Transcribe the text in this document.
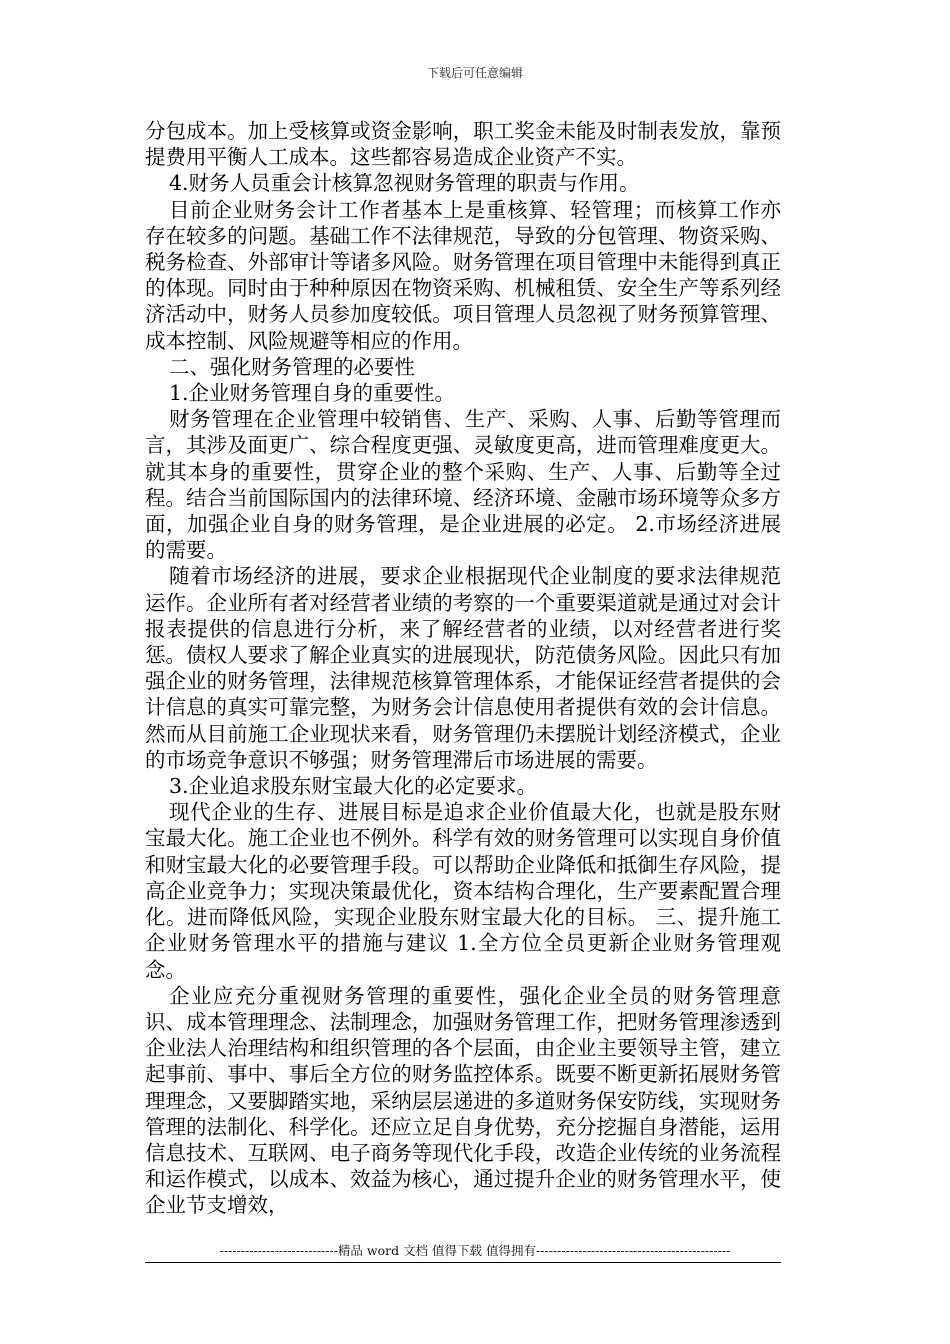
下载后可任意编辑

分包成本。加上受核算或资金影响，职工奖金未能及时制表发放，靠预提费用平衡人工成本。这些都容易造成企业资产不实。

4.财务人员重会计核算忽视财务管理的职责与作用。

目前企业财务会计工作者基本上是重核算、轻管理；而核算工作亦存在较多的问题。基础工作不法律规范，导致的分包管理、物资采购、税务检查、外部审计等诸多风险。财务管理在项目管理中未能得到真正的体现。同时由于种种原因在物资采购、机械租赁、安全生产等系列经济活动中，财务人员参加度较低。项目管理人员忽视了财务预算管理、成本控制、风险规避等相应的作用。

二、强化财务管理的必要性

1.企业财务管理自身的重要性。

财务管理在企业管理中较销售、生产、采购、人事、后勤等管理而言，其涉及面更广、综合程度更强、灵敏度更高，进而管理难度更大。就其本身的重要性，贯穿企业的整个采购、生产、人事、后勤等全过程。结合当前国际国内的法律环境、经济环境、金融市场环境等众多方面，加强企业自身的财务管理，是企业进展的必定。 2.市场经济进展的需要。

随着市场经济的进展，要求企业根据现代企业制度的要求法律规范运作。企业所有者对经营者业绩的考察的一个重要渠道就是通过对会计报表提供的信息进行分析，来了解经营者的业绩，以对经营者进行奖惩。债权人要求了解企业真实的进展现状，防范债务风险。因此只有加强企业的财务管理，法律规范核算管理体系，才能保证经营者提供的会计信息的真实可靠完整，为财务会计信息使用者提供有效的会计信息。然而从目前施工企业现状来看，财务管理仍未摆脱计划经济模式，企业的市场竞争意识不够强；财务管理滞后市场进展的需要。

3.企业追求股东财宝最大化的必定要求。

现代企业的生存、进展目标是追求企业价值最大化，也就是股东财宝最大化。施工企业也不例外。科学有效的财务管理可以实现自身价值和财宝最大化的必要管理手段。可以帮助企业降低和抵御生存风险，提高企业竞争力；实现决策最优化，资本结构合理化，生产要素配置合理化。进而降低风险，实现企业股东财宝最大化的目标。 三、提升施工企业财务管理水平的措施与建议 1.全方位全员更新企业财务管理观念。

企业应充分重视财务管理的重要性，强化企业全员的财务管理意识、成本管理理念、法制理念，加强财务管理工作，把财务管理渗透到企业法人治理结构和组织管理的各个层面，由企业主要领导主管，建立起事前、事中、事后全方位的财务监控体系。既要不断更新拓展财务管理理念，又要脚踏实地，采纳层层递进的多道财务保安防线，实现财务管理的法制化、科学化。还应立足自身优势，充分挖掘自身潜能，运用信息技术、互联网、电子商务等现代化手段，改造企业传统的业务流程和运作模式，以成本、效益为核心，通过提升企业的财务管理水平，使企业节支增效，

----------------------------精品 word 文档 值得下载 值得拥有----------------------------------------------
